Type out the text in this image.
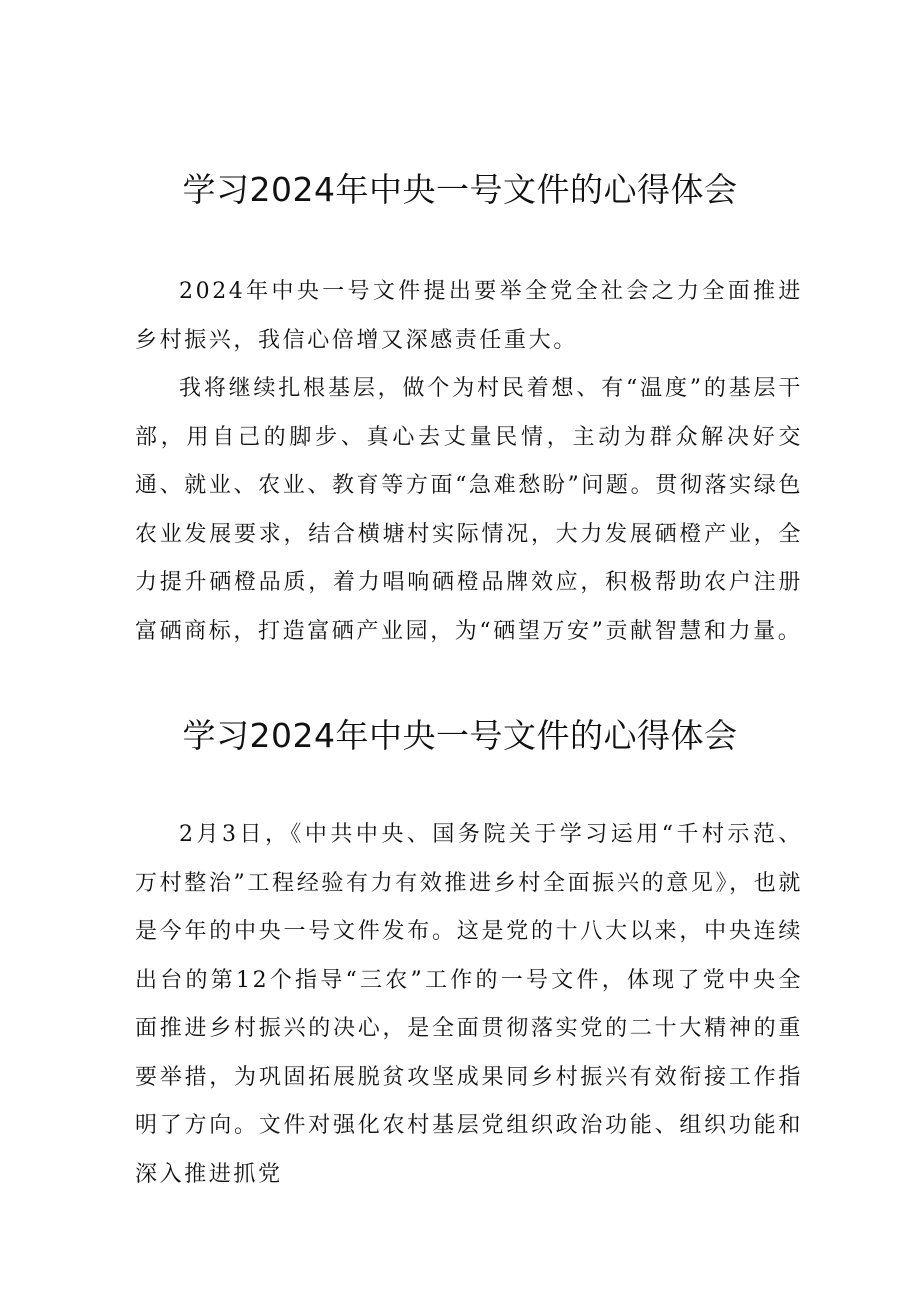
学习2024年中央一号文件的心得体会

2024年中央一号文件提出要举全党全社会之力全面推进乡村振兴，我信心倍增又深感责任重大。

我将继续扎根基层，做个为村民着想、有“温度”的基层干部，用自己的脚步、真心去丈量民情，主动为群众解决好交通、就业、农业、教育等方面“急难愁盼”问题。贯彻落实绿色农业发展要求，结合横塘村实际情况，大力发展硒橙产业，全力提升硒橙品质，着力唱响硒橙品牌效应，积极帮助农户注册富硒商标，打造富硒产业园，为“硒望万安”贡献智慧和力量。

学习2024年中央一号文件的心得体会

2月3日，《中共中央、国务院关于学习运用“千村示范、万村整治”工程经验有力有效推进乡村全面振兴的意见》，也就是今年的中央一号文件发布。这是党的十八大以来，中央连续出台的第12个指导“三农”工作的一号文件，体现了党中央全面推进乡村振兴的决心，是全面贯彻落实党的二十大精神的重要举措，为巩固拓展脱贫攻坚成果同乡村振兴有效衔接工作指明了方向。文件对强化农村基层党组织政治功能、组织功能和深入推进抓党
